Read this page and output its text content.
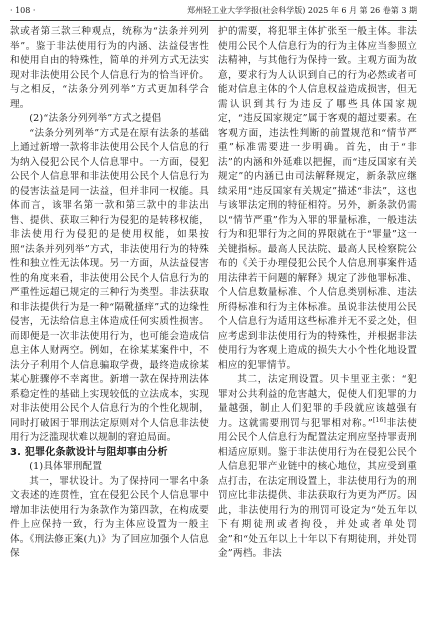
· 108 ·	郑州轻工业大学学报(社会科学版) 2025 年 6 月 第 26 卷第 3 期

款或者第三款三种观点，统称为“法条并列列举”。鉴于非法使用行为的内涵、法益侵害性和使用自由的特殊性，简单的并列方式无法实现对非法使用公民个人信息行为的恰当评价。与之相反，“法条分列列举”方式更加科学合理。

(2)“法条分列列举”方式之提倡

“法条分列列举”方式是在原有法条的基础上通过新增一款将非法使用公民个人信息的行为纳入侵犯公民个人信息罪中。一方面，侵犯公民个人信息罪和非法使用公民个人信息行为的侵害法益是同一法益，但并非同一权能。具体而言，该罪名第一款和第三款中的非法出售、提供、获取三种行为侵犯的是转移权能，非法使用行为侵犯的是使用权能，如果按照“法条并列列举”方式，非法使用行为的特殊性和独立性无法体现。另一方面，从法益侵害性的角度来看，非法使用公民个人信息行为的严重性远超已规定的三种行为类型。非法获取和非法提供行为是一种“隔靴搔痒”式的边缘性侵害，无法给信息主体造成任何实质性损害。而即便是一次非法使用行为，也可能会造成信息主体人财两空。例如，在徐某某案件中，不法分子利用个人信息骗取学费，最终造成徐某某心脏骤停不幸离世。新增一款在保持刑法体系稳定性的基础上实现较低的立法成本，实现对非法使用公民个人信息行为的个性化规制，同时打破困于罪刑法定原则对个人信息非法使用行为泛滥现状难以规制的窘迫局面。

3. 犯罪化条款设计与阻却事由分析
(1)具体罪刑配置

其一，罪状设计。为了保持同一罪名中条文表述的连贯性，宜在侵犯公民个人信息罪中增加非法使用行为条款作为第四款，在构成要件上应保持一致，行为主体应设置为一般主体。《刑法修正案(九)》为了回应加强个人信息保

护的需要，将犯罪主体扩张至一般主体。非法使用公民个人信息行为的行为主体应当参照立法精神，与其他行为保持一致。主观方面为故意，要求行为人认识到自己的行为必然或者可能对信息主体的个人信息权益造成损害，但无需认识到其行为违反了哪些具体国家规定，“违反国家规定”属于客观的超过要素。在客观方面，违法性判断的前置规范和“情节严重”标准需要进一步明确。首先，由于“非法”的内涵和外延难以把握，而“违反国家有关规定”的内涵已由司法解释规定，新条款应继续采用“违反国家有关规定”描述“非法”，这也与该罪法定刑的特征相符。另外，新条款仍需以“情节严重”作为入罪的罪量标准，一般违法行为和犯罪行为之间的界限就在于“罪量”这一关键指标。最高人民法院、最高人民检察院公布的《关于办理侵犯公民个人信息刑事案件适用法律若干问题的解释》规定了涉他罪标准、个人信息数量标准、个人信息类别标准、违法所得标准和行为主体标准。虽说非法使用公民个人信息行为适用这些标准并无不妥之处，但应考虑到非法使用行为的特殊性，并根据非法使用行为客观上造成的损失大小个性化地设置相应的犯罪情节。

其二，法定刑设置。贝卡里亚主张：“犯罪对公共利益的危害越大，促使人们犯罪的力量越强，制止人们犯罪的手段就应该越强有力。这就需要刑罚与犯罪相对称。”[16]非法使用公民个人信息行为配置法定刑应坚持罪责刑相适应原则。鉴于非法使用行为在侵犯公民个人信息犯罪产业链中的核心地位，其应受到重点打击，在法定刑设置上，非法使用行为的刑罚应比非法提供、非法获取行为更为严厉。因此，非法使用行为的刑罚可设定为“处五年以下有期徒刑或者拘役，并处或者单处罚金”和“处五年以上十年以下有期徒刑，并处罚金”两档。非法
